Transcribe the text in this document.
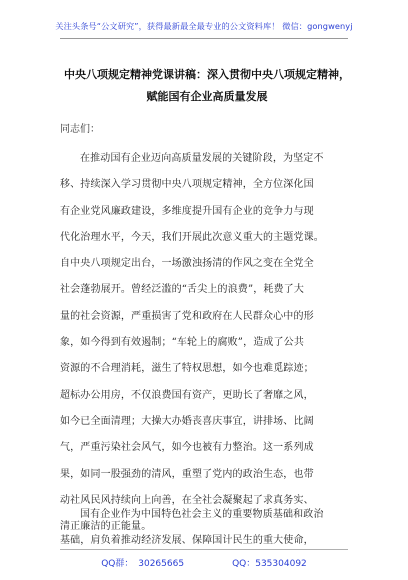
关注头条号“公文研究”，获得最新最全最专业的公文资料库！ 微信：gongwenyj
中央八项规定精神党课讲稿：深入贯彻中央八项规定精神，
赋能国有企业高质量发展
同志们：
在推动国有企业迈向高质量发展的关键阶段，为坚定不
移、持续深入学习贯彻中央八项规定精神，全方位深化国
有企业党风廉政建设，多维度提升国有企业的竞争力与现
代化治理水平，今天，我们开展此次意义重大的主题党课。
自中央八项规定出台，一场激浊扬清的作风之变在全党全
社会蓬勃展开。曾经泛滥的“舌尖上的浪费”，耗费了大
量的社会资源，严重损害了党和政府在人民群众心中的形
象，如今得到有效遏制；“车轮上的腐败”，造成了公共
资源的不合理消耗，滋生了特权思想，如今也难觅踪迹；
超标办公用房，不仅浪费国有资产，更助长了奢靡之风，
如今已全面清理；大操大办婚丧喜庆事宜，讲排场、比阔
气，严重污染社会风气，如今也被有力整治。这一系列成
果，如同一股强劲的清风，重塑了党内的政治生态，也带
动社风民风持续向上向善，在全社会凝聚起了求真务实、
清正廉洁的正能量。
国有企业作为中国特色社会主义的重要物质基础和政治
基础，肩负着推动经济发展、保障国计民生的重大使命，
QQ群： 30265665	QQ：535304092
